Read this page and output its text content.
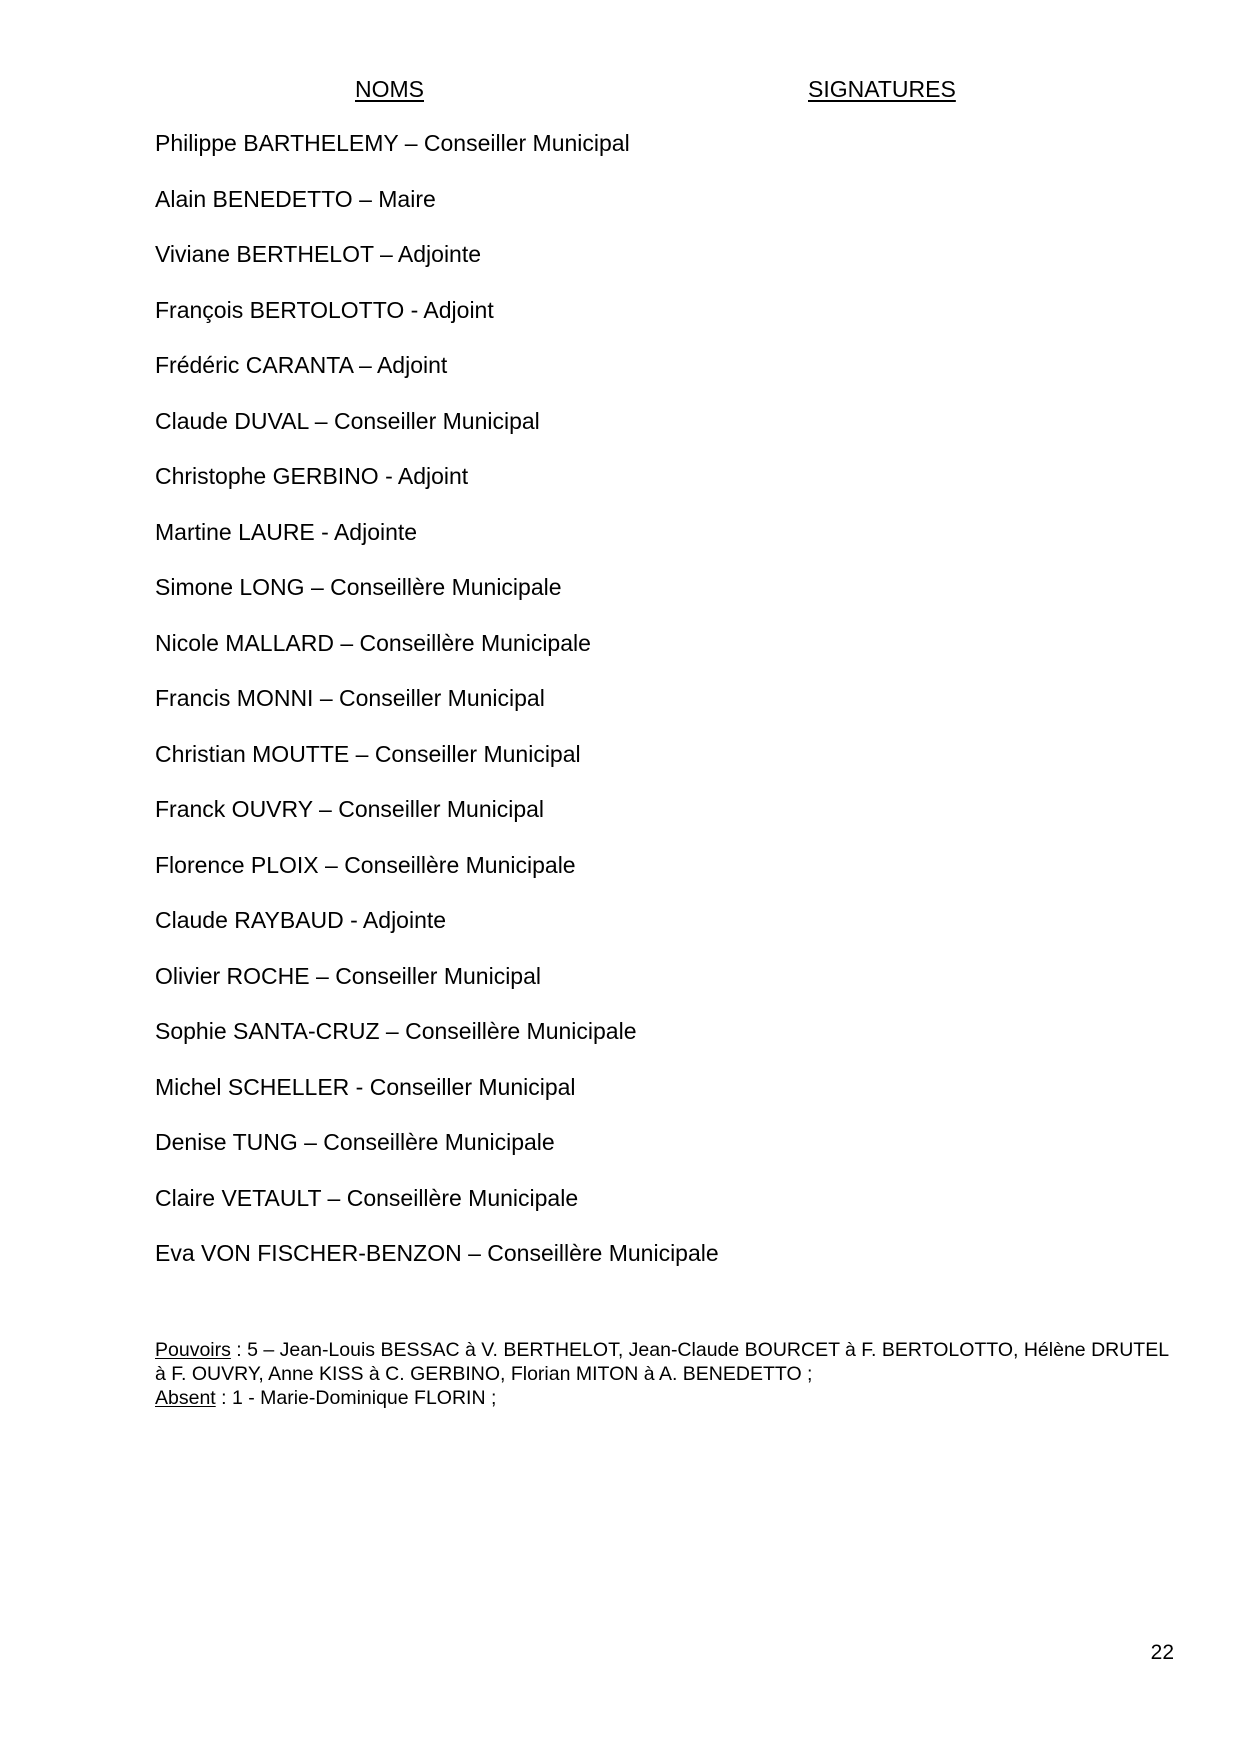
NOMS	SIGNATURES
Philippe BARTHELEMY – Conseiller Municipal
Alain BENEDETTO – Maire
Viviane BERTHELOT – Adjointe
François BERTOLOTTO - Adjoint
Frédéric CARANTA – Adjoint
Claude DUVAL – Conseiller Municipal
Christophe GERBINO - Adjoint
Martine LAURE - Adjointe
Simone LONG – Conseillère Municipale
Nicole MALLARD – Conseillère Municipale
Francis MONNI – Conseiller Municipal
Christian MOUTTE – Conseiller Municipal
Franck OUVRY – Conseiller Municipal
Florence PLOIX – Conseillère Municipale
Claude RAYBAUD - Adjointe
Olivier ROCHE – Conseiller Municipal
Sophie SANTA-CRUZ – Conseillère Municipale
Michel SCHELLER - Conseiller Municipal
Denise TUNG – Conseillère Municipale
Claire VETAULT – Conseillère Municipale
Eva VON FISCHER-BENZON – Conseillère Municipale

Pouvoirs : 5 – Jean-Louis BESSAC à V. BERTHELOT, Jean-Claude BOURCET à F. BERTOLOTTO, Hélène DRUTEL à F. OUVRY, Anne KISS à C. GERBINO, Florian MITON à A. BENEDETTO ;

Absent : 1 - Marie-Dominique FLORIN ;

22
